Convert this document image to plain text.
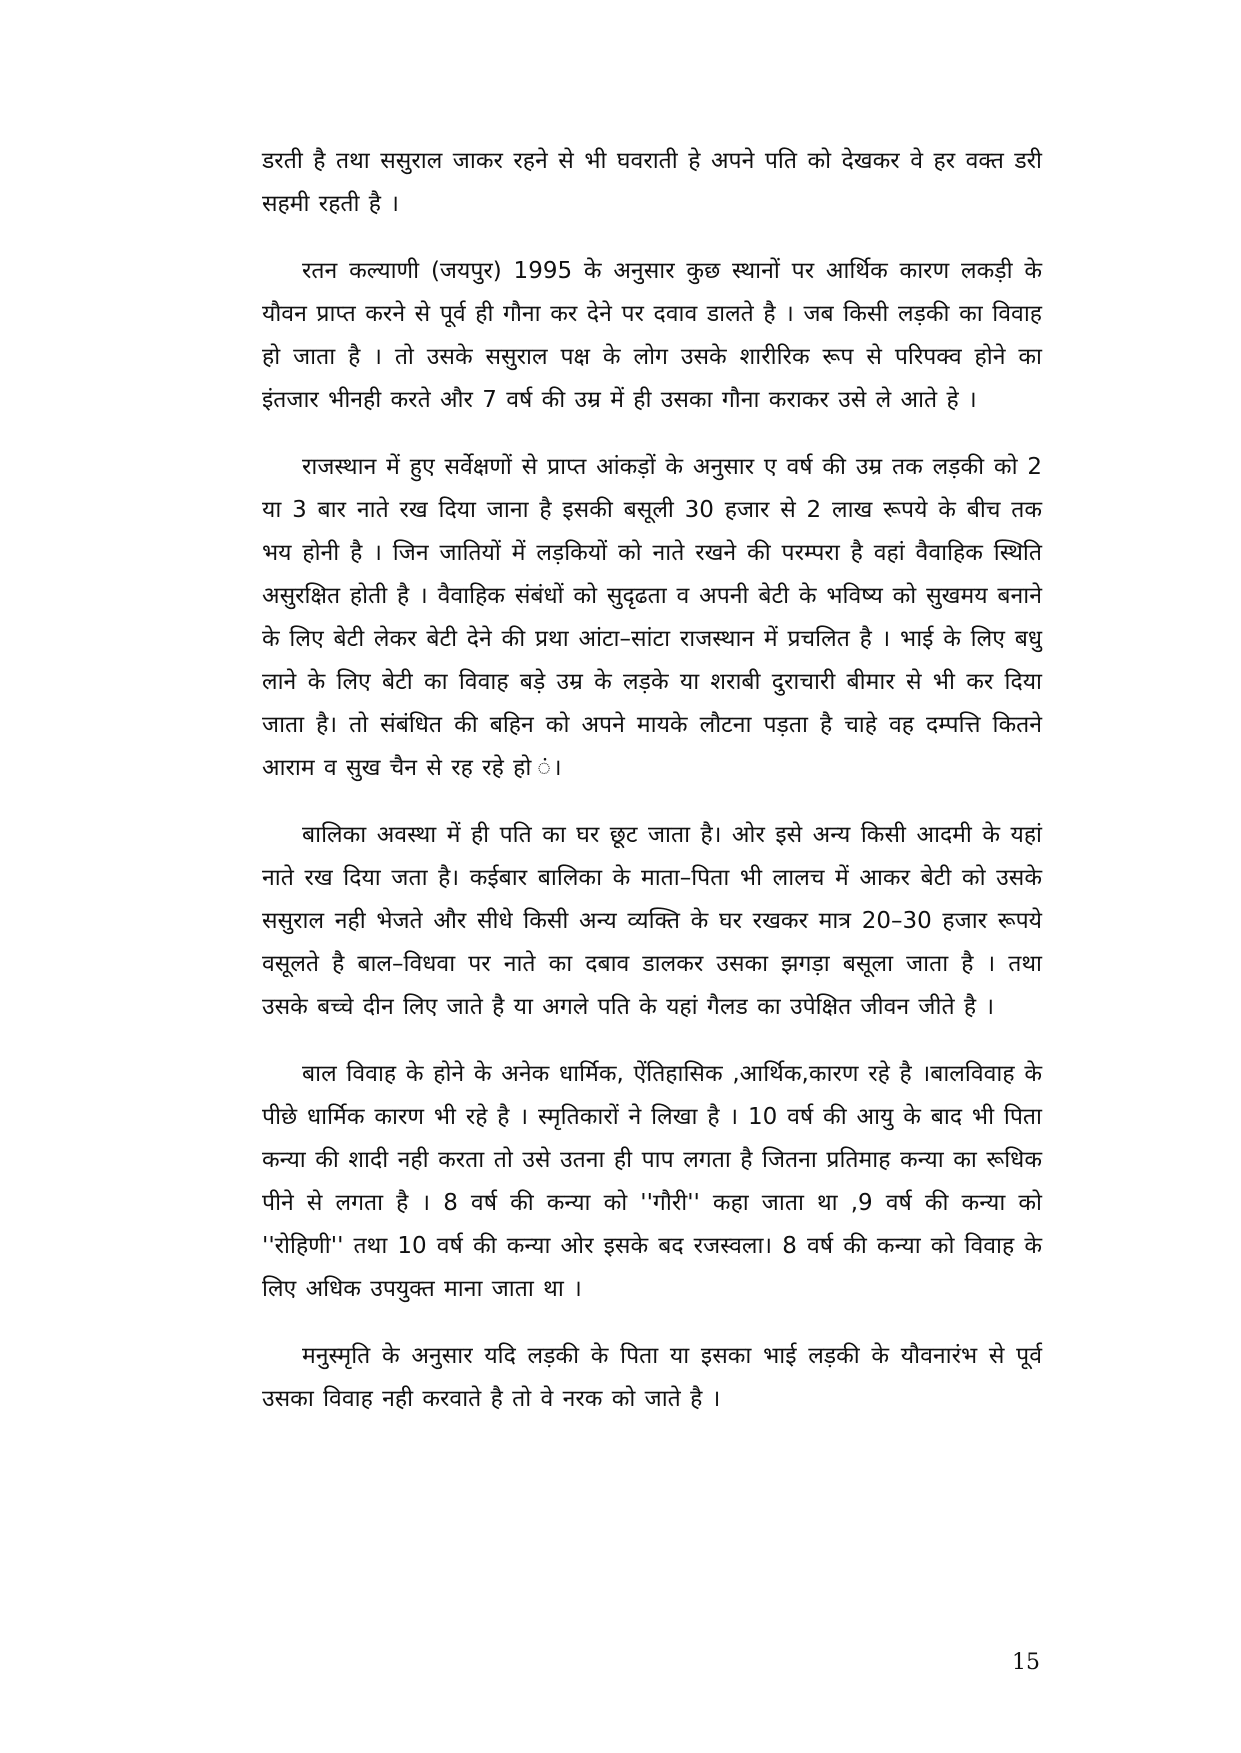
डरती है तथा ससुराल जाकर रहने से भी घवराती हे अपने पति को देखकर वे हर वक्त डरी सहमी रहती है ।

रतन कल्याणी (जयपुर) 1995 के अनुसार कुछ स्थानों पर आर्थिक कारण लकड़ी के यौवन प्राप्त करने से पूर्व ही गौना कर देने पर दवाव डालते है । जब किसी लड़की का विवाह हो जाता है । तो उसके ससुराल पक्ष के लोग उसके शारीरिक रूप से परिपक्व होने का इंतजार भीनही करते और 7 वर्ष की उम्र में ही उसका गौना कराकर उसे ले आते हे ।

राजस्थान में हुए सर्वेक्षणों से प्राप्त आंकड़ों के अनुसार ए वर्ष की उम्र तक लड़की को 2 या 3 बार नाते रख दिया जाना है इसकी बसूली 30 हजार से 2 लाख रूपये के बीच तक भय होनी है । जिन जातियों में लड़कियों को नाते रखने की परम्परा है वहां वैवाहिक स्थिति असुरक्षित होती है । वैवाहिक संबंधों को सुदृढता व अपनी बेटी के भविष्य को सुखमय बनाने के लिए बेटी लेकर बेटी देने की प्रथा आंटा–सांटा राजस्थान में प्रचलित है । भाई के लिए बधु लाने के लिए बेटी का विवाह बड़े उम्र के लड़के या शराबी दुराचारी बीमार से भी कर दिया जाता है। तो संबंधित की बहिन को अपने मायके लौटना पड़ता है चाहे वह दम्पत्ति कितने आराम व सुख चैन से रह रहे हो ं।

बालिका अवस्था में ही पति का घर छूट जाता है। ओर इसे अन्य किसी आदमी के यहां नाते रख दिया जता है। कईबार बालिका के माता–पिता भी लालच में आकर बेटी को उसके ससुराल नही भेजते और सीधे किसी अन्य व्यक्ति के घर रखकर मात्र 20–30 हजार रूपये वसूलते है बाल–विधवा पर नाते का दबाव डालकर उसका झगड़ा बसूला जाता है । तथा उसके बच्चे दीन लिए जाते है या अगले पति के यहां गैलड का उपेक्षित जीवन जीते है ।

बाल विवाह के होने के अनेक धार्मिक, ऐंतिहासिक ,आर्थिक,कारण रहे है ।बालविवाह के पीछे धार्मिक कारण भी रहे है । स्मृतिकारों ने लिखा है । 10 वर्ष की आयु के बाद भी पिता कन्या की शादी नही करता तो उसे उतना ही पाप लगता है जितना प्रतिमाह कन्या का रूधिक पीने से लगता है । 8 वर्ष की कन्या को ''गौरी'' कहा जाता था ,9 वर्ष की कन्या को ''रोहिणी'' तथा 10 वर्ष की कन्या ओर इसके बद रजस्वला। 8 वर्ष की कन्या को विवाह के लिए अधिक उपयुक्त माना जाता था ।

मनुस्मृति के अनुसार यदि लड़की के पिता या इसका भाई लड़की के यौवनारंभ से पूर्व उसका विवाह नही करवाते है तो वे नरक को जाते है ।

15
